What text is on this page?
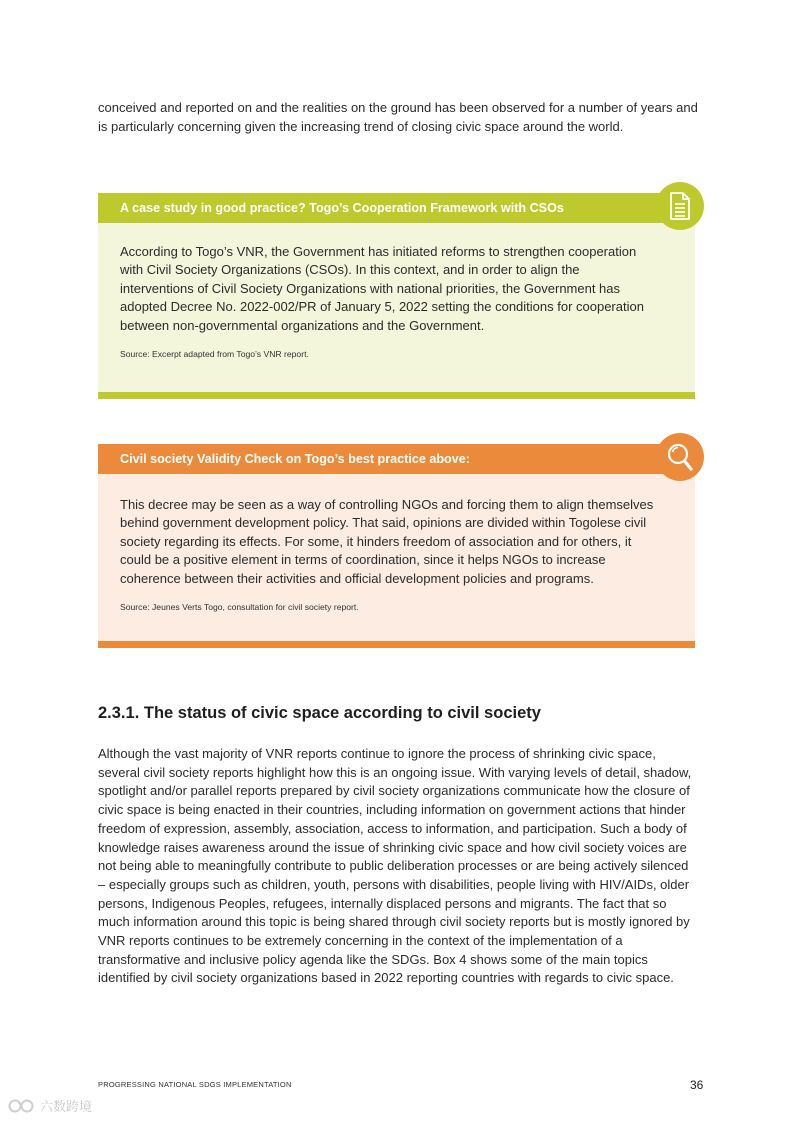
conceived and reported on and the realities on the ground has been observed for a number of years and is particularly concerning given the increasing trend of closing civic space around the world.

A case study in good practice? Togo’s Cooperation Framework with CSOs

According to Togo’s VNR, the Government has initiated reforms to strengthen cooperation with Civil Society Organizations (CSOs). In this context, and in order to align the interventions of Civil Society Organizations with national priorities, the Government has adopted Decree No. 2022-002/PR of January 5, 2022 setting the conditions for cooperation between non-governmental organizations and the Government.

Source: Excerpt adapted from Togo’s VNR report.

Civil society Validity Check on Togo’s best practice above:

This decree may be seen as a way of controlling NGOs and forcing them to align themselves behind government development policy. That said, opinions are divided within Togolese civil society regarding its effects. For some, it hinders freedom of association and for others, it could be a positive element in terms of coordination, since it helps NGOs to increase coherence between their activities and official development policies and programs.

Source: Jeunes Verts Togo, consultation for civil society report.

2.3.1. The status of civic space according to civil society

Although the vast majority of VNR reports continue to ignore the process of shrinking civic space, several civil society reports highlight how this is an ongoing issue. With varying levels of detail, shadow, spotlight and/or parallel reports prepared by civil society organizations communicate how the closure of civic space is being enacted in their countries, including information on government actions that hinder freedom of expression, assembly, association, access to information, and participation. Such a body of knowledge raises awareness around the issue of shrinking civic space and how civil society voices are not being able to meaningfully contribute to public deliberation processes or are being actively silenced – especially groups such as children, youth, persons with disabilities, people living with HIV/AIDs, older persons, Indigenous Peoples, refugees, internally displaced persons and migrants. The fact that so much information around this topic is being shared through civil society reports but is mostly ignored by VNR reports continues to be extremely concerning in the context of the implementation of a transformative and inclusive policy agenda like the SDGs. Box 4 shows some of the main topics identified by civil society organizations based in 2022 reporting countries with regards to civic space.

PROGRESSING NATIONAL SDGS IMPLEMENTATION	36
六数跨境
